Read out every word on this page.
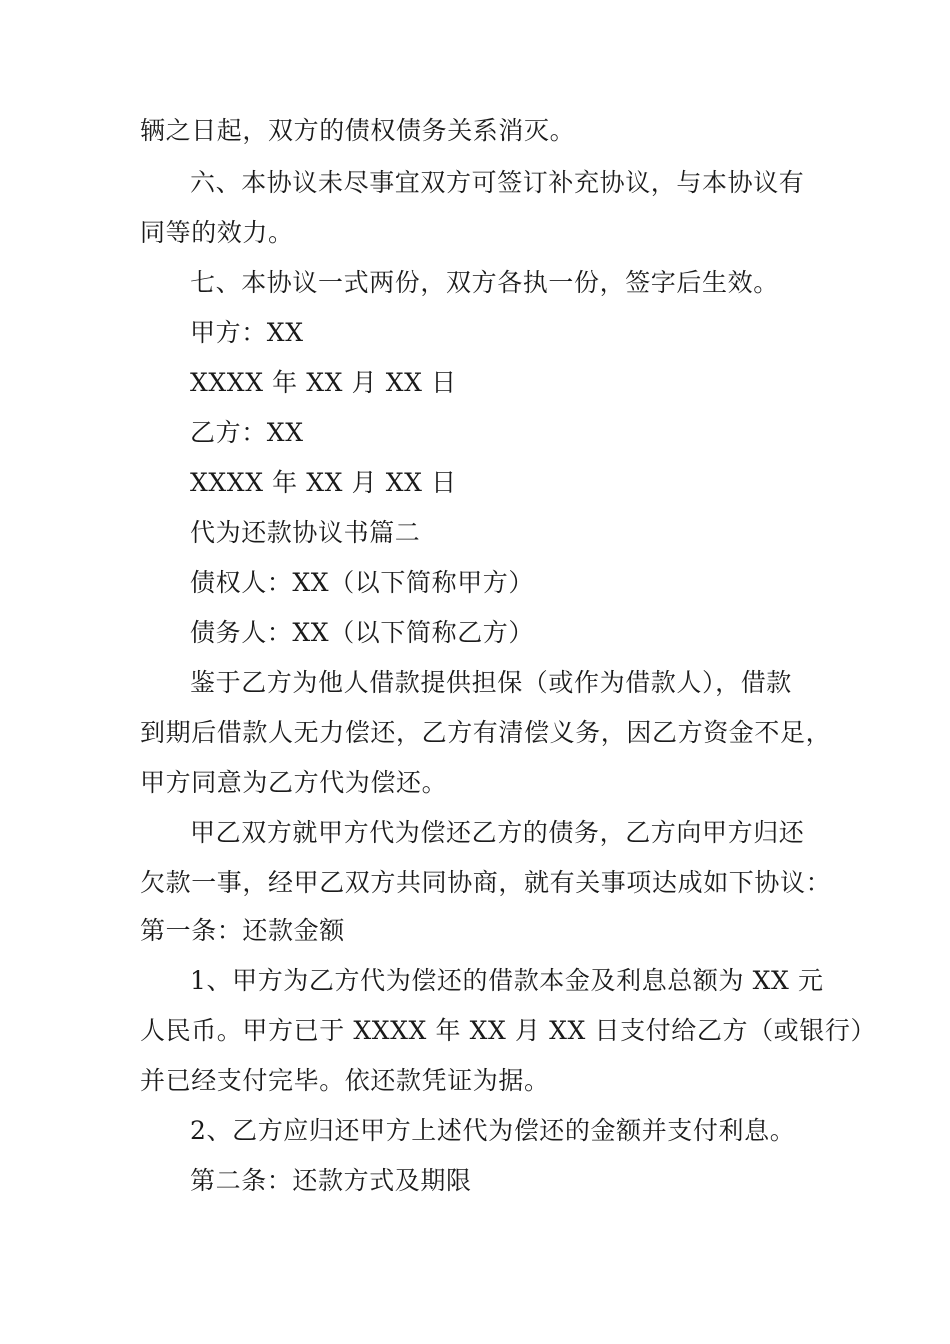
辆之日起，双方的债权债务关系消灭。
六、本协议未尽事宜双方可签订补充协议，与本协议有
同等的效力。
七、本协议一式两份，双方各执一份，签字后生效。
甲方：XX
XXXX 年 XX 月 XX 日
乙方：XX
XXXX 年 XX 月 XX 日
代为还款协议书篇二
债权人：XX（以下简称甲方）
债务人：XX（以下简称乙方）
鉴于乙方为他人借款提供担保（或作为借款人），借款
到期后借款人无力偿还，乙方有清偿义务，因乙方资金不足，
甲方同意为乙方代为偿还。
甲乙双方就甲方代为偿还乙方的债务，乙方向甲方归还
欠款一事，经甲乙双方共同协商，就有关事项达成如下协议：
第一条：还款金额
1、甲方为乙方代为偿还的借款本金及利息总额为 XX 元
人民币。甲方已于 XXXX 年 XX 月 XX 日支付给乙方（或银行）
并已经支付完毕。依还款凭证为据。
2、乙方应归还甲方上述代为偿还的金额并支付利息。
第二条：还款方式及期限
